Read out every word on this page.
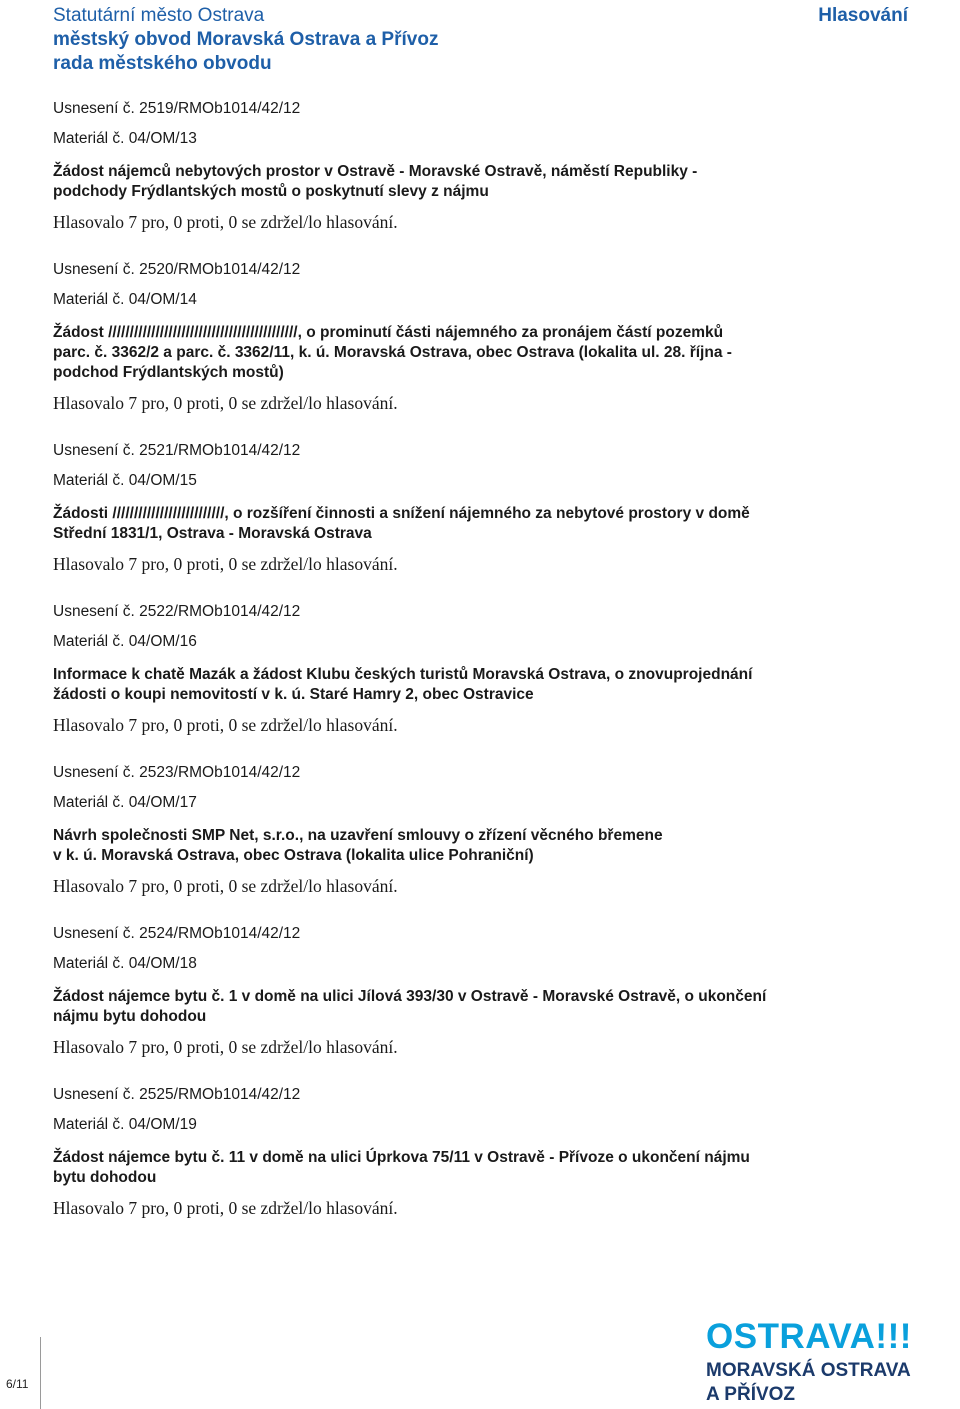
Statutární město Ostrava
městský obvod Moravská Ostrava a Přívoz
rada městského obvodu
Hlasování
Usnesení č. 2519/RMOb1014/42/12
Materiál č. 04/OM/13
Žádost nájemců nebytových prostor v Ostravě - Moravské Ostravě, náměstí Republiky -
podchody Frýdlantských mostů o poskytnutí slevy z nájmu
Hlasovalo 7 pro, 0 proti, 0 se zdržel/lo hlasování.
Usnesení č. 2520/RMOb1014/42/12
Materiál č. 04/OM/14
Žádost ////////////////////////////////////////////, o prominutí části nájemného za pronájem částí pozemků
parc. č. 3362/2 a parc. č. 3362/11, k. ú. Moravská Ostrava, obec Ostrava (lokalita ul. 28. října -
podchod Frýdlantských mostů)
Hlasovalo 7 pro, 0 proti, 0 se zdržel/lo hlasování.
Usnesení č. 2521/RMOb1014/42/12
Materiál č. 04/OM/15
Žádosti //////////////////////////, o rozšíření činnosti a snížení nájemného za nebytové prostory v domě
Střední 1831/1, Ostrava - Moravská Ostrava
Hlasovalo 7 pro, 0 proti, 0 se zdržel/lo hlasování.
Usnesení č. 2522/RMOb1014/42/12
Materiál č. 04/OM/16
Informace k chatě Mazák a žádost Klubu českých turistů Moravská Ostrava, o znovuprojednání
žádosti o koupi nemovitostí v k. ú. Staré Hamry 2, obec Ostravice
Hlasovalo 7 pro, 0 proti, 0 se zdržel/lo hlasování.
Usnesení č. 2523/RMOb1014/42/12
Materiál č. 04/OM/17
Návrh společnosti SMP Net, s.r.o., na uzavření smlouvy o zřízení věcného břemene
v k. ú. Moravská Ostrava, obec Ostrava (lokalita ulice Pohraniční)
Hlasovalo 7 pro, 0 proti, 0 se zdržel/lo hlasování.
Usnesení č. 2524/RMOb1014/42/12
Materiál č. 04/OM/18
Žádost nájemce bytu č. 1 v domě na ulici Jílová 393/30 v Ostravě - Moravské Ostravě, o ukončení
nájmu bytu dohodou
Hlasovalo 7 pro, 0 proti, 0 se zdržel/lo hlasování.
Usnesení č. 2525/RMOb1014/42/12
Materiál č. 04/OM/19
Žádost nájemce bytu č. 11 v domě na ulici Úprkova 75/11 v Ostravě - Přívoze o ukončení nájmu
bytu dohodou
Hlasovalo 7 pro, 0 proti, 0 se zdržel/lo hlasování.
6/11
OSTRAVA!!!
MORAVSKÁ OSTRAVA
A PŘÍVOZ
